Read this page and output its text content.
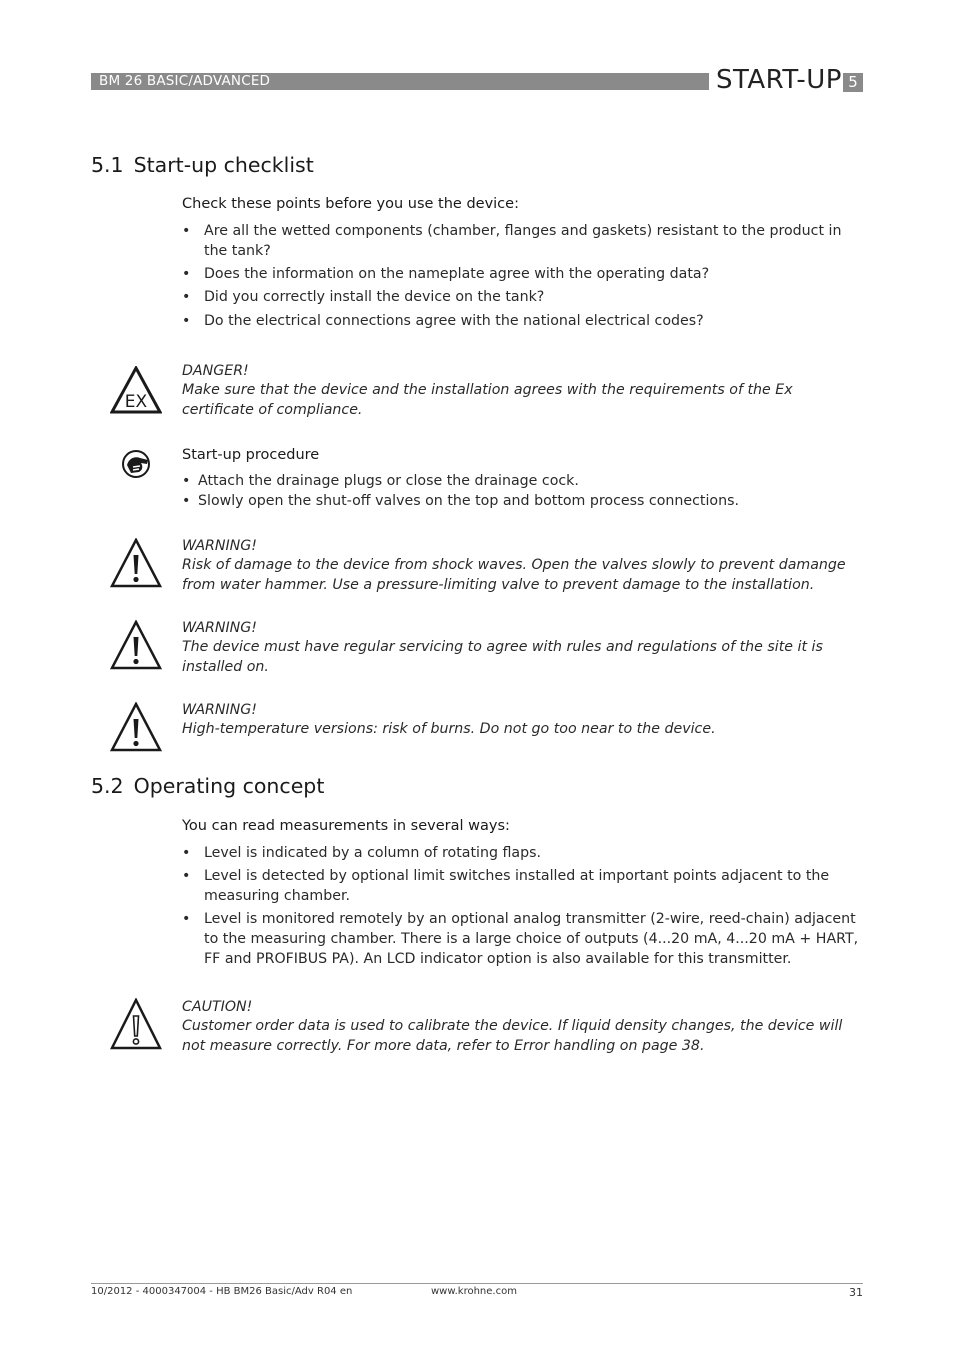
BM 26 BASIC/ADVANCED	START-UP 5
5.1 Start-up checklist
Check these points before you use the device:
• Are all the wetted components (chamber, flanges and gaskets) resistant to the product in the tank?
• Does the information on the nameplate agree with the operating data?
• Did you correctly install the device on the tank?
• Do the electrical connections agree with the national electrical codes?
EX
DANGER!
Make sure that the device and the installation agrees with the requirements of the Ex certificate of compliance.
Start-up procedure
• Attach the drainage plugs or close the drainage cock.
• Slowly open the shut-off valves on the top and bottom process connections.
WARNING!
Risk of damage to the device from shock waves. Open the valves slowly to prevent damange from water hammer. Use a pressure-limiting valve to prevent damage to the installation.
WARNING!
The device must have regular servicing to agree with rules and regulations of the site it is installed on.
WARNING!
High-temperature versions: risk of burns. Do not go too near to the device.
5.2 Operating concept
You can read measurements in several ways:
• Level is indicated by a column of rotating flaps.
• Level is detected by optional limit switches installed at important points adjacent to the measuring chamber.
• Level is monitored remotely by an optional analog transmitter (2-wire, reed-chain) adjacent to the measuring chamber. There is a large choice of outputs (4...20 mA, 4...20 mA + HART, FF and PROFIBUS PA). An LCD indicator option is also available for this transmitter.
CAUTION!
Customer order data is used to calibrate the device. If liquid density changes, the device will not measure correctly. For more data, refer to Error handling on page 38.
10/2012 - 4000347004 - HB BM26 Basic/Adv R04 en	www.krohne.com	31
